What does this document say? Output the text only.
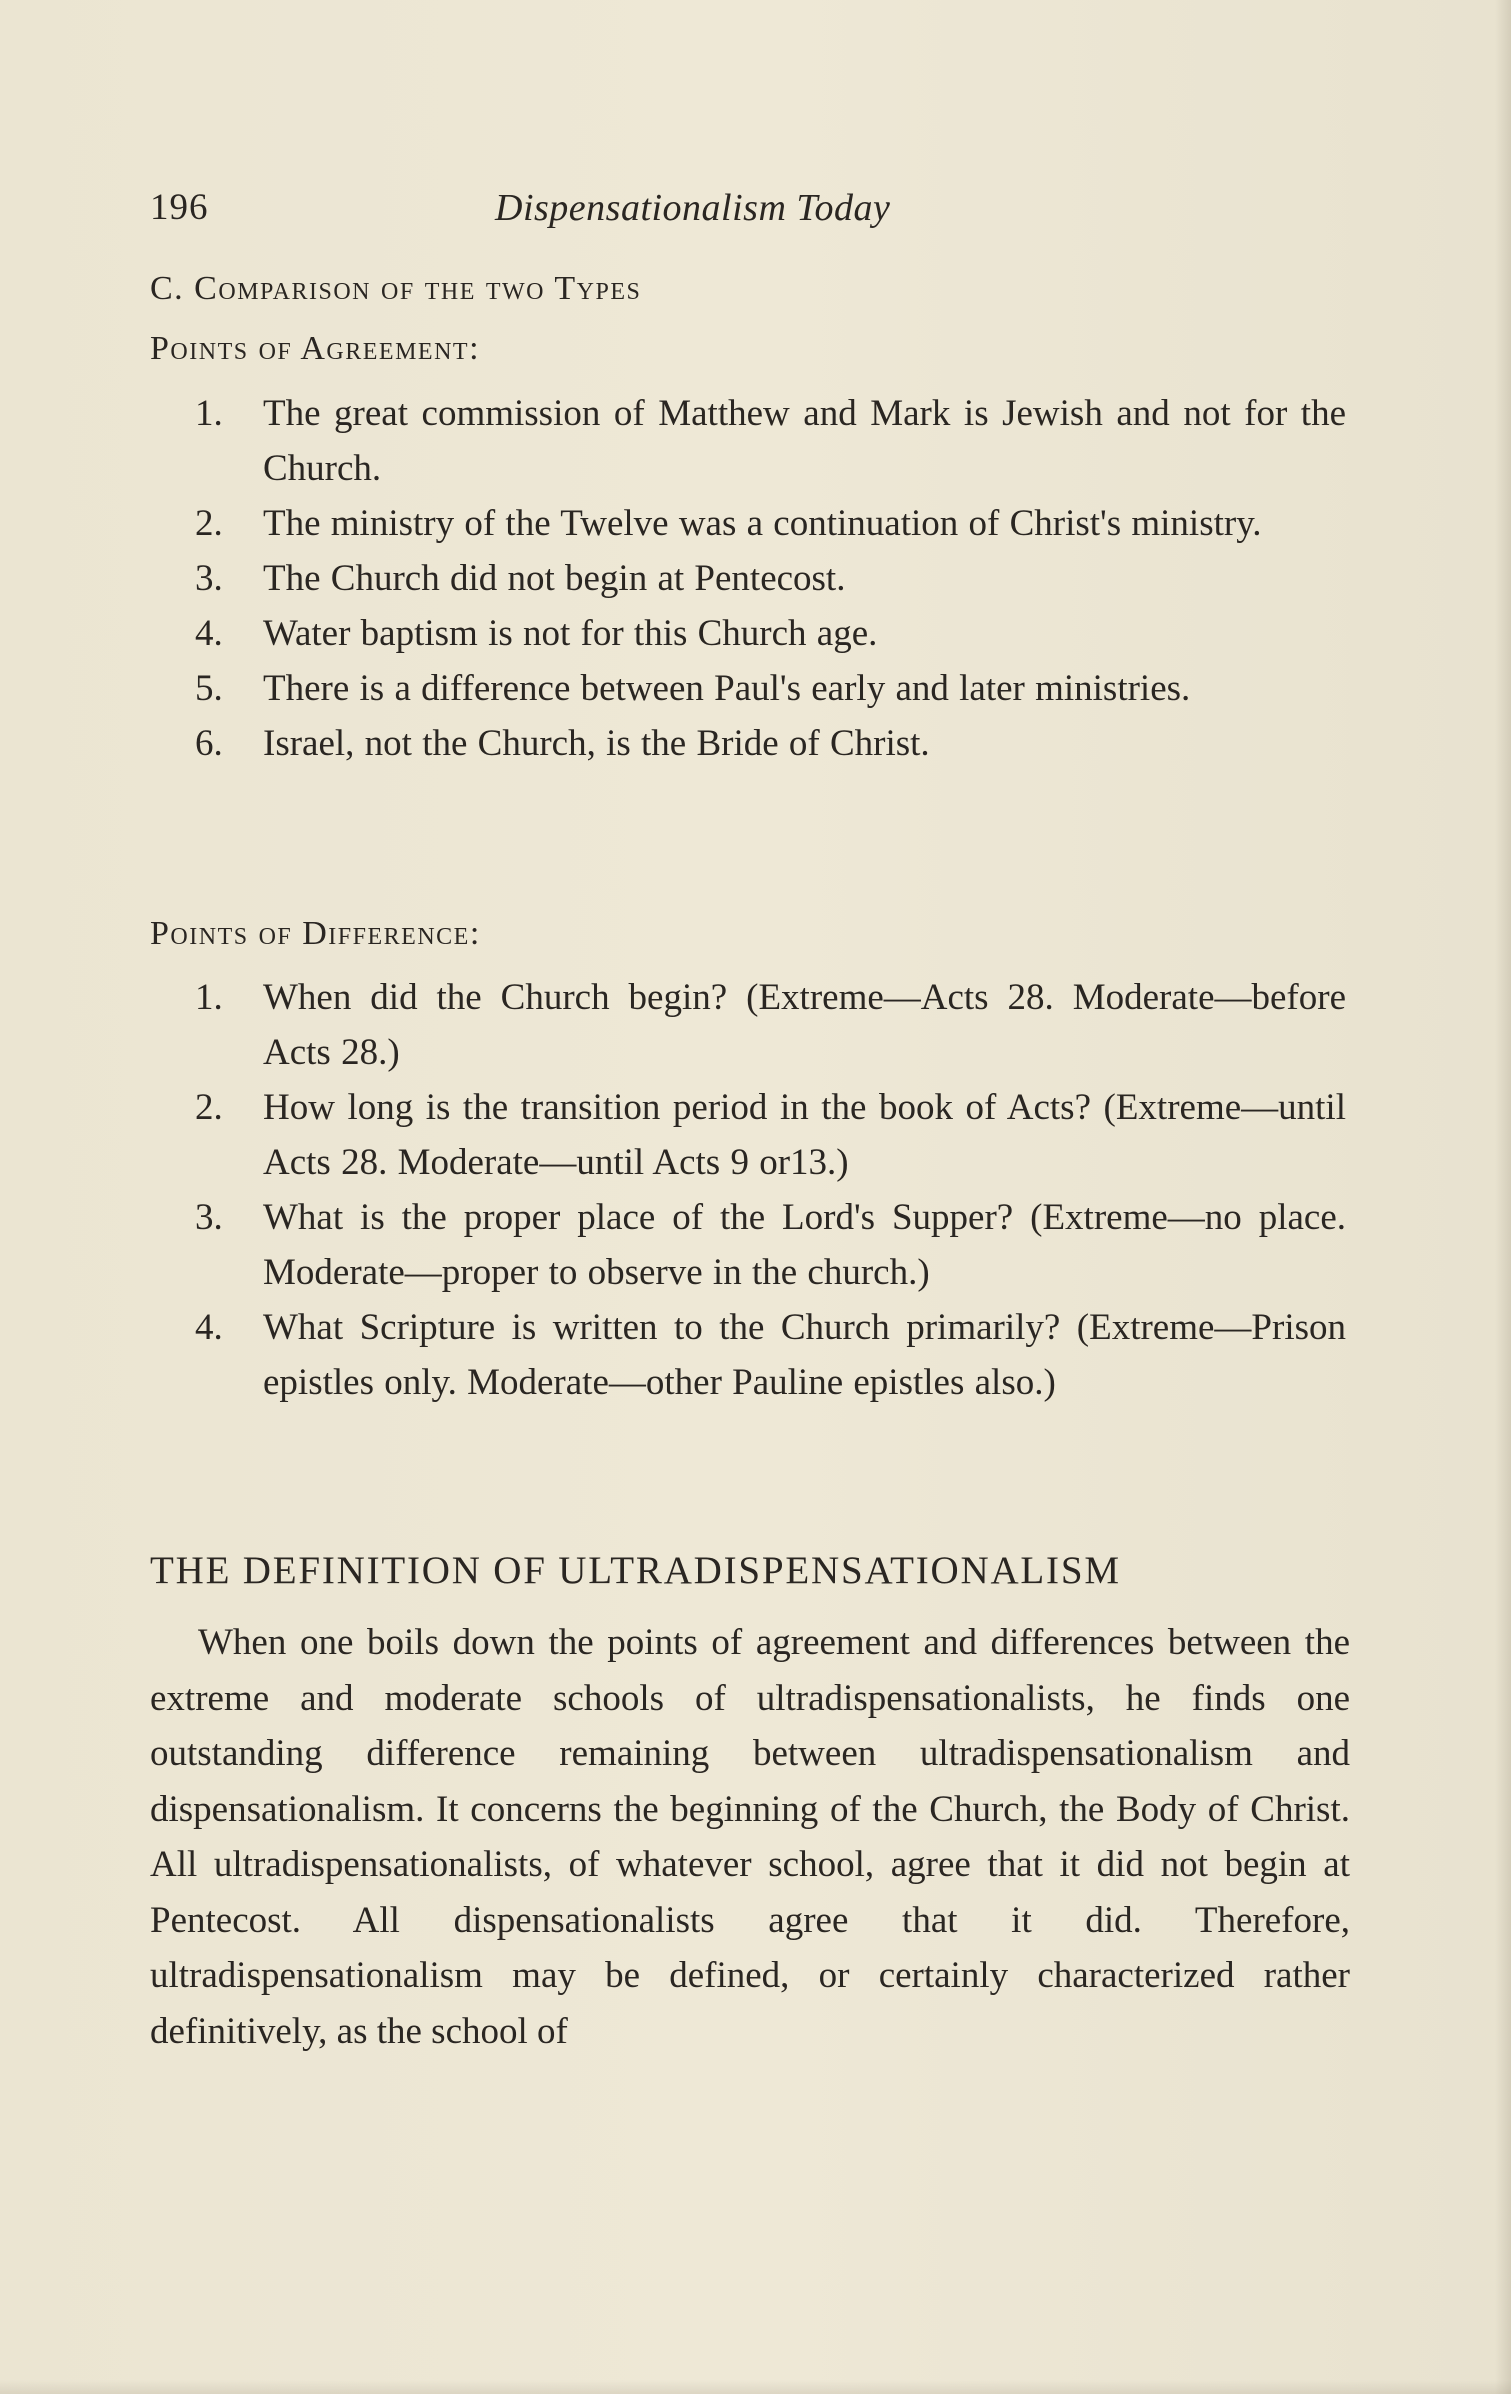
196	Dispensationalism Today
C. Comparison of the two Types
Points of Agreement:
1.	The great commission of Matthew and Mark is Jewish and not for the Church.
2.	The ministry of the Twelve was a continuation of Christ's ministry.
3.	The Church did not begin at Pentecost.
4.	Water baptism is not for this Church age.
5.	There is a difference between Paul's early and later ministries.
6.	Israel, not the Church, is the Bride of Christ.
Points of Difference:
1.	When did the Church begin? (Extreme—Acts 28. Moderate—before Acts 28.)
2.	How long is the transition period in the book of Acts? (Extreme—until Acts 28. Moderate—until Acts 9 or13.)
3.	What is the proper place of the Lord's Supper? (Extreme—no place. Moderate—proper to observe in the church.)
4.	What Scripture is written to the Church primarily? (Extreme—Prison epistles only. Moderate—other Pauline epistles also.)
THE DEFINITION OF ULTRADISPENSATIONALISM
When one boils down the points of agreement and differences between the extreme and moderate schools of ultradispensationalists, he finds one outstanding difference remaining between ultradispensationalism and dispensationalism. It concerns the beginning of the Church, the Body of Christ. All ultradispensationalists, of whatever school, agree that it did not begin at Pentecost. All dispensationalists agree that it did. Therefore, ultradispensationalism may be defined, or certainly characterized rather definitively, as the school of
